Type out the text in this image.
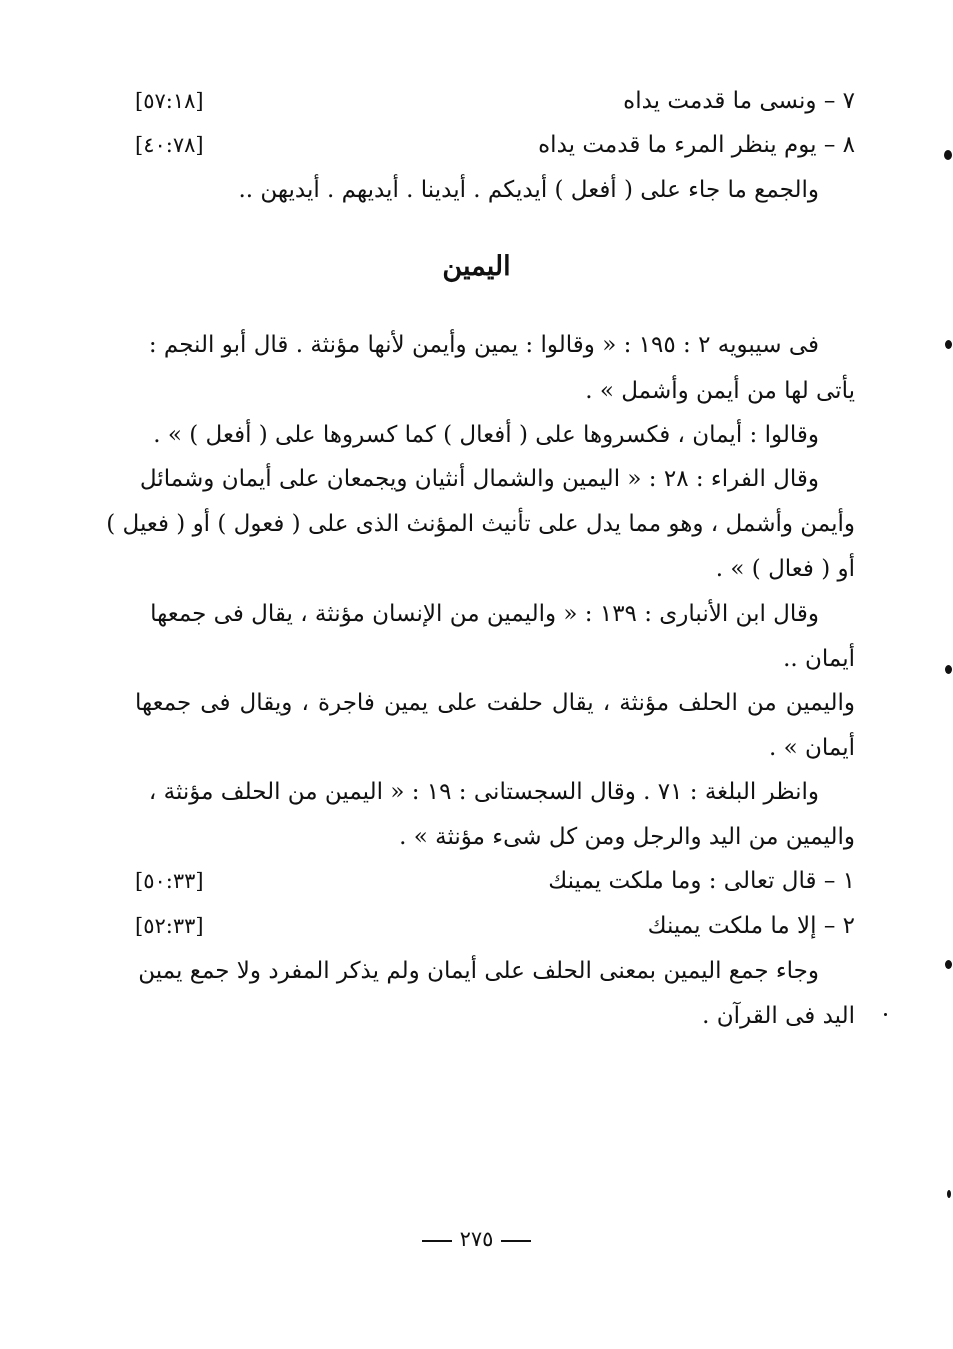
٧ – ونسى ما قدمت يداه
[٥٧:١٨]
٨ – يوم ينظر المرء ما قدمت يداه
[٤٠:٧٨]
والجمع ما جاء على ( أفعل ) أيديكم . أيدينا . أيديهم . أيديهن ..
اليمين
فى سيبويه ٢ : ١٩٥ : « وقالوا : يمين وأيمن لأنها مؤنثة . قال أبو النجم :
يأتى لها من أيمن وأشمل » .
وقالوا : أيمان ، فكسروها على ( أفعال ) كما كسروها على ( أفعل ) » .
وقال الفراء : ٢٨ : « اليمين والشمال أنثيان ويجمعان على أيمان وشمائل
وأيمن وأشمل ، وهو مما يدل على تأنيث المؤنث الذى على ( فعول ) أو ( فعيل )
أو ( فعال ) » .
وقال ابن الأنبارى : ١٣٩ : « واليمين من الإنسان مؤنثة ، يقال فى جمعها
أيمان ..
واليمين من الحلف مؤنثة ، يقال حلفت على يمين فاجرة ، ويقال فى جمعها
أيمان » .
وانظر البلغة : ٧١ . وقال السجستانى : ١٩ : « اليمين من الحلف مؤنثة ،
واليمين من اليد والرجل ومن كل شىء مؤنثة » .
١ – قال تعالى : وما ملكت يمينك
[٥٠:٣٣]
٢ – إلا ما ملكت يمينك
[٥٢:٣٣]
وجاء جمع اليمين بمعنى الحلف على أيمان ولم يذكر المفرد ولا جمع يمين
اليد فى القرآن .
٢٧٥
